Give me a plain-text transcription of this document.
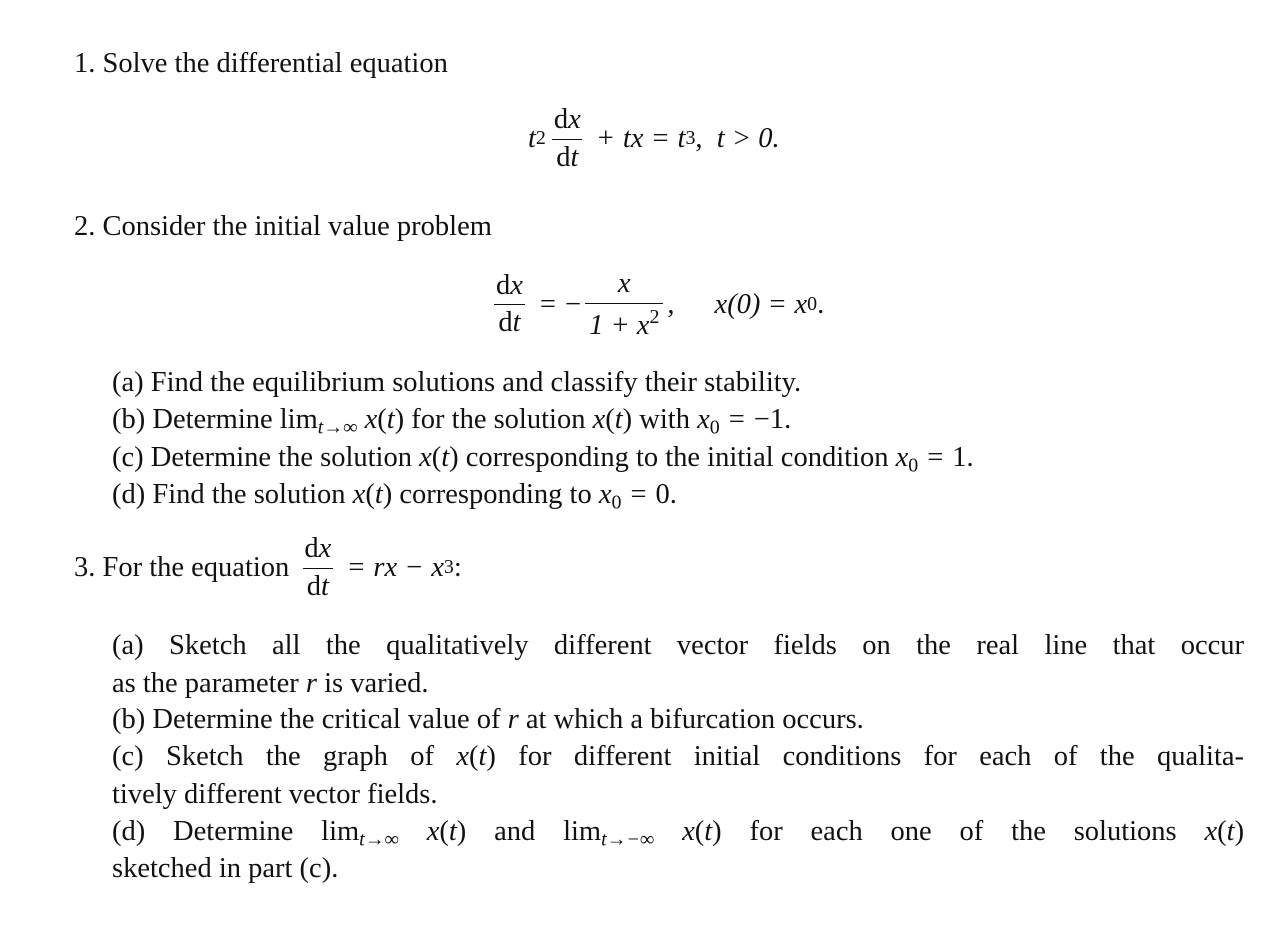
1. Solve the differential equation
t $2 \frac{dx}{dt}$ + tx = t 3 , t > 0.
2. Consider the initial value problem
$\frac{dx}{dt}$ = − $\frac{x}{1 + x^2}$ , x(0) = x 0 .
(a) Find the equilibrium solutions and classify their stability.
(b) Determine limt→∞ x(t) for the solution x(t) with $x_0 = -1$.
(c) Determine the solution x(t) corresponding to the initial condition $x_0 = 1$.
(d) Find the solution x(t) corresponding to $x_0 = 0$.
3.
For the equation
$\frac{dx}{dt}$ = rx − x 3 :
(a) Sketch all the qualitatively different vector fields on the real line that occur
as the parameter r is varied.
(b) Determine the critical value of r at which a bifurcation occurs.
(c) Sketch the graph of x(t) for different initial conditions for each of the qualita-
tively different vector fields.
(d) Determine limt→∞ x(t) and limt→−∞ x(t) for each one of the solutions x(t)
sketched in part (c).
